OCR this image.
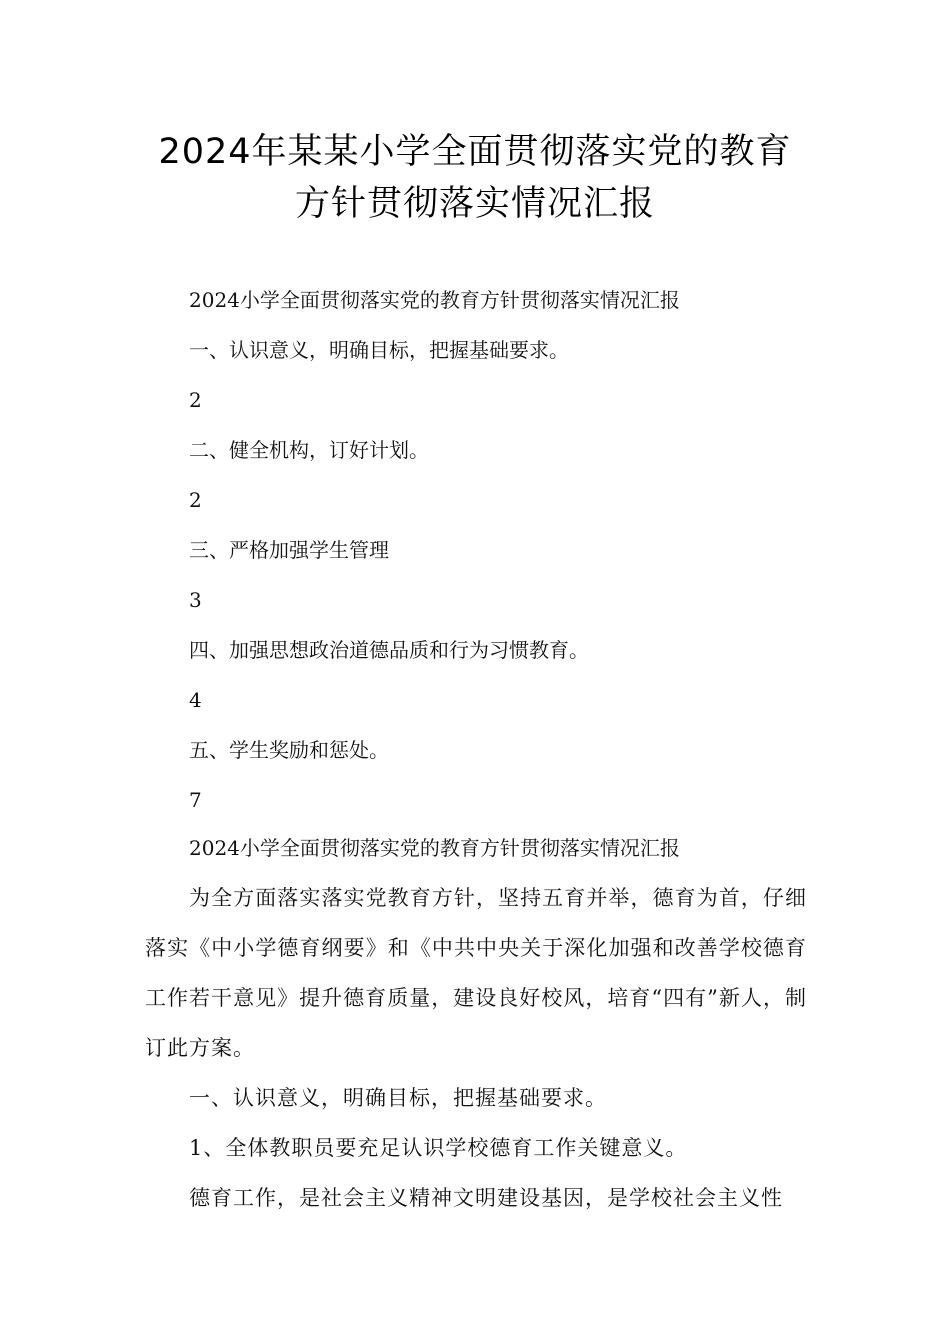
2024年某某小学全面贯彻落实党的教育
方针贯彻落实情况汇报
2024小学全面贯彻落实党的教育方针贯彻落实情况汇报
一、认识意义，明确目标，把握基础要求。
2
二、健全机构，订好计划。
2
三、严格加强学生管理
3
四、加强思想政治道德品质和行为习惯教育。
4
五、学生奖励和惩处。
7
2024小学全面贯彻落实党的教育方针贯彻落实情况汇报
为全方面落实落实党教育方针，坚持五育并举，德育为首，仔细落实《中小学德育纲要》和《中共中央关于深化加强和改善学校德育工作若干意见》提升德育质量，建设良好校风，培育“四有”新人，制订此方案。
一、认识意义，明确目标，把握基础要求。
1、全体教职员要充足认识学校德育工作关键意义。
德育工作，是社会主义精神文明建设基因，是学校社会主义性
